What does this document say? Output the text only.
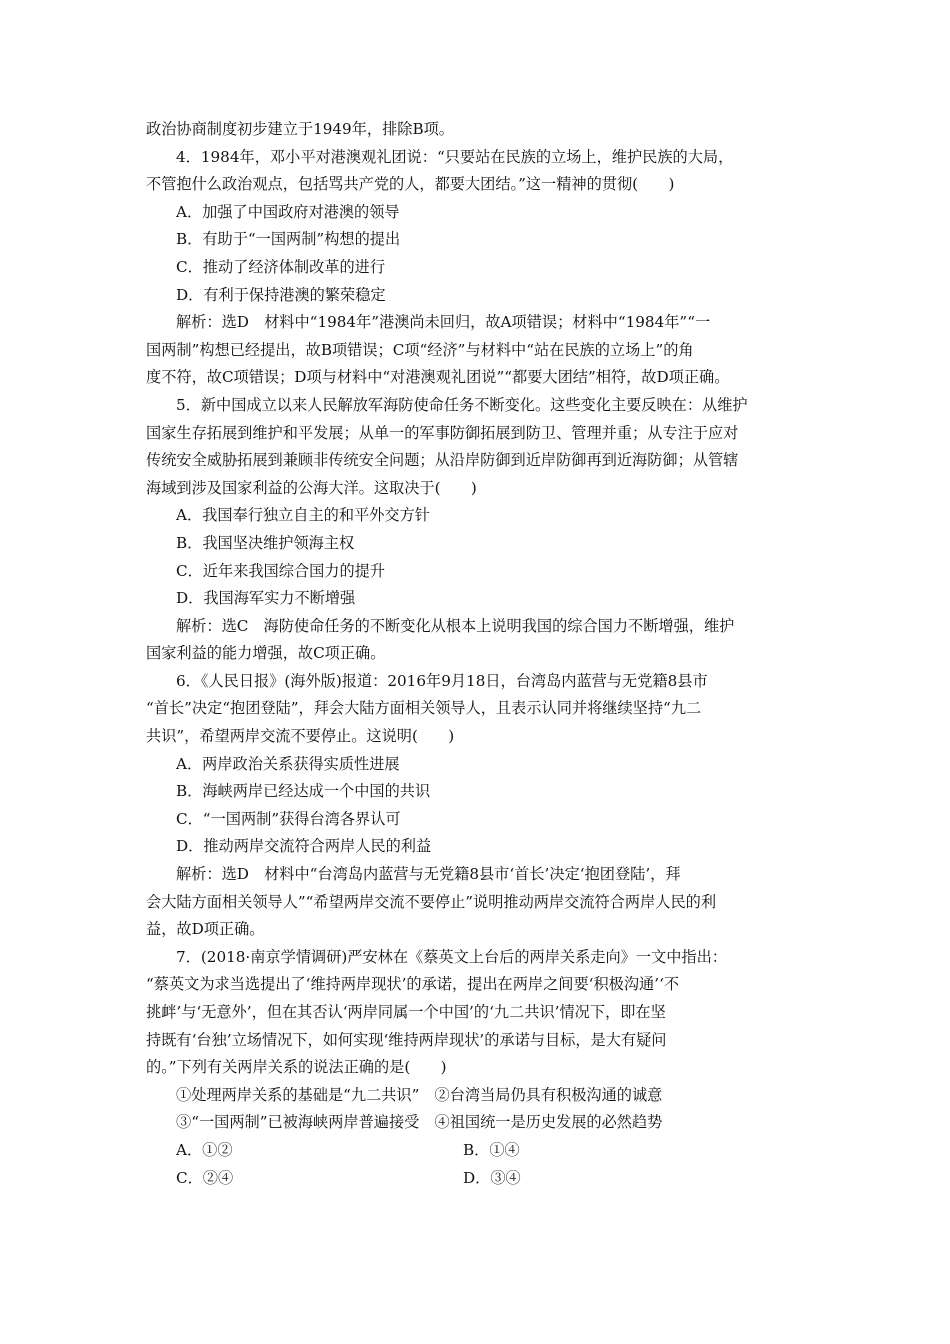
政治协商制度初步建立于1949年，排除B项。
4．1984年，邓小平对港澳观礼团说：“只要站在民族的立场上，维护民族的大局，
不管抱什么政治观点，包括骂共产党的人，都要大团结。”这一精神的贯彻(　　)
A．加强了中国政府对港澳的领导
B．有助于“一国两制”构想的提出
C．推动了经济体制改革的进行
D．有利于保持港澳的繁荣稳定
解析：选D　材料中“1984年”港澳尚未回归，故A项错误；材料中“1984年”“一
国两制”构想已经提出，故B项错误；C项“经济”与材料中“站在民族的立场上”的角
度不符，故C项错误；D项与材料中“对港澳观礼团说”“都要大团结”相符，故D项正确。
5．新中国成立以来人民解放军海防使命任务不断变化。这些变化主要反映在：从维护
国家生存拓展到维护和平发展；从单一的军事防御拓展到防卫、管理并重；从专注于应对
传统安全威胁拓展到兼顾非传统安全问题；从沿岸防御到近岸防御再到近海防御；从管辖
海域到涉及国家利益的公海大洋。这取决于(　　)
A．我国奉行独立自主的和平外交方针
B．我国坚决维护领海主权
C．近年来我国综合国力的提升
D．我国海军实力不断增强
解析：选C　海防使命任务的不断变化从根本上说明我国的综合国力不断增强，维护
国家利益的能力增强，故C项正确。
6．《人民日报》(海外版)报道：2016年9月18日，台湾岛内蓝营与无党籍8县市
“首长”决定“抱团登陆”，拜会大陆方面相关领导人，且表示认同并将继续坚持“九二
共识”，希望两岸交流不要停止。这说明(　　)
A．两岸政治关系获得实质性进展
B．海峡两岸已经达成一个中国的共识
C．“一国两制”获得台湾各界认可
D．推动两岸交流符合两岸人民的利益
解析：选D　材料中“台湾岛内蓝营与无党籍8县市‘首长’决定‘抱团登陆’，拜
会大陆方面相关领导人”“希望两岸交流不要停止”说明推动两岸交流符合两岸人民的利
益，故D项正确。
7．(2018·南京学情调研)严安林在《蔡英文上台后的两岸关系走向》一文中指出：
“蔡英文为求当选提出了‘维持两岸现状’的承诺，提出在两岸之间要‘积极沟通’‘不
挑衅’与‘无意外’，但在其否认‘两岸同属一个中国’的‘九二共识’情况下，即在坚
持既有‘台独’立场情况下，如何实现‘维持两岸现状’的承诺与目标，是大有疑问
的。”下列有关两岸关系的说法正确的是(　　)
①处理两岸关系的基础是“九二共识”　②台湾当局仍具有积极沟通的诚意
③“一国两制”已被海峡两岸普遍接受　④祖国统一是历史发展的必然趋势
A．①②	B．①④
C．②④	D．③④
